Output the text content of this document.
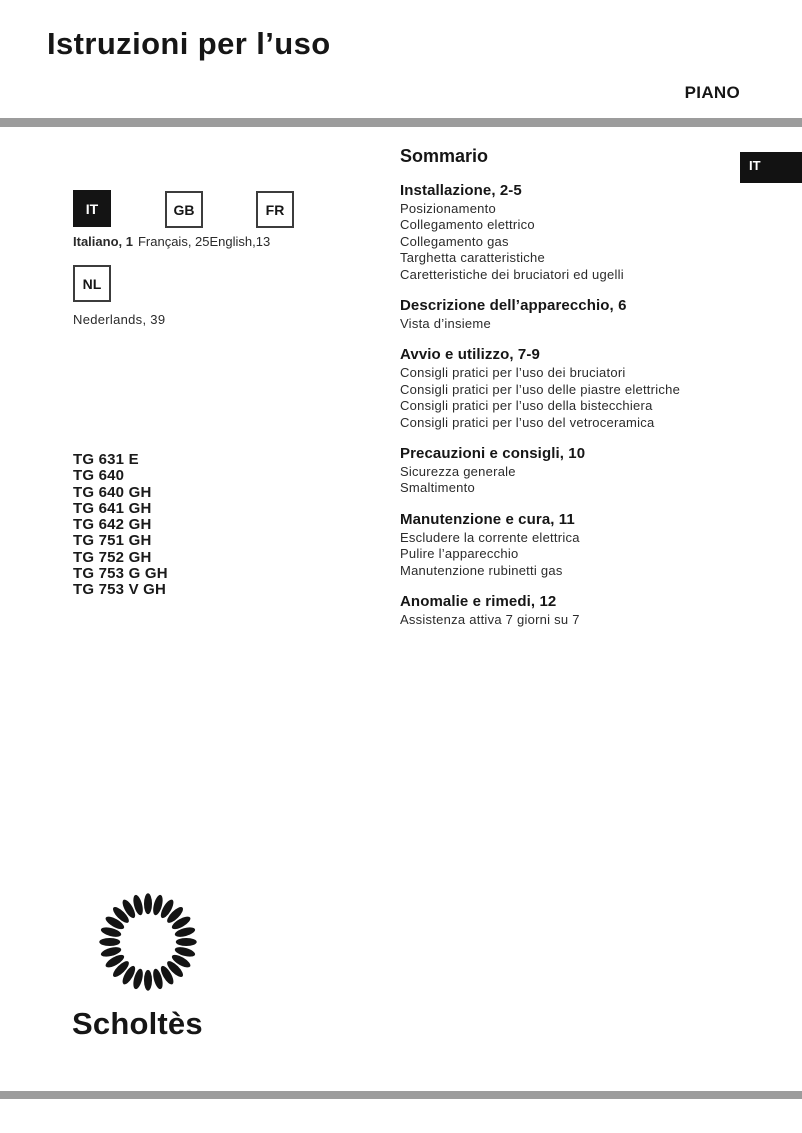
Istruzioni per l’uso
PIANO
IT
IT	GB	FR
Italiano, 1 Français, 25English,13
NL
Nederlands, 39
TG 631 E
TG 640
TG 640 GH
TG 641 GH
TG 642 GH
TG 751 GH
TG 752 GH
TG 753 G GH
TG 753 V GH
Sommario
Installazione, 2-5
Posizionamento
Collegamento elettrico
Collegamento gas
Targhetta caratteristiche
Caretteristiche dei bruciatori ed ugelli
Descrizione dell’apparecchio, 6
Vista d’insieme
Avvio e utilizzo, 7-9
Consigli pratici per l’uso dei bruciatori
Consigli pratici per l’uso delle piastre elettriche
Consigli pratici per l’uso della bistecchiera
Consigli pratici per l’uso del vetroceramica
Precauzioni e consigli, 10
Sicurezza generale
Smaltimento
Manutenzione e cura, 11
Escludere la corrente elettrica
Pulire l’apparecchio
Manutenzione rubinetti gas
Anomalie e rimedi, 12
Assistenza attiva 7 giorni su 7
Scholtès
